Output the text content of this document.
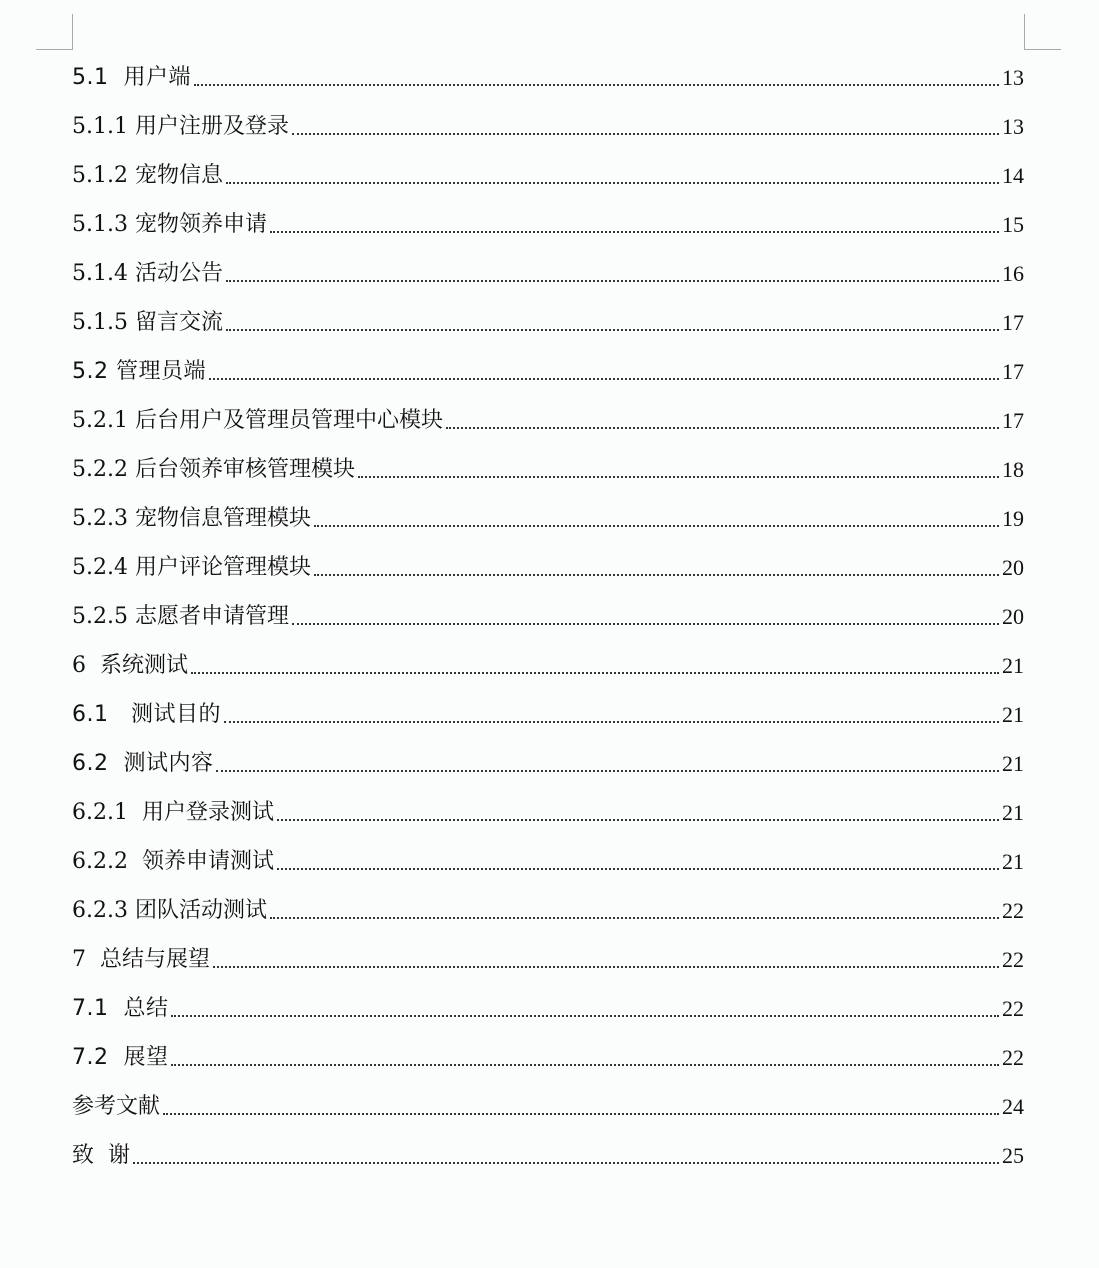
5.1  用户端	13
5.1.1 用户注册及登录	13
5.1.2 宠物信息	14
5.1.3 宠物领养申请	15
5.1.4 活动公告	16
5.1.5 留言交流	17
5.2 管理员端	17
5.2.1 后台用户及管理员管理中心模块	17
5.2.2 后台领养审核管理模块	18
5.2.3 宠物信息管理模块	19
5.2.4 用户评论管理模块	20
5.2.5 志愿者申请管理	20
6  系统测试	21
6.1   测试目的	21
6.2  测试内容	21
6.2.1  用户登录测试	21
6.2.2  领养申请测试	21
6.2.3 团队活动测试	22
7  总结与展望	22
7.1  总结	22
7.2  展望	22
参考文献	24
致  谢	25
